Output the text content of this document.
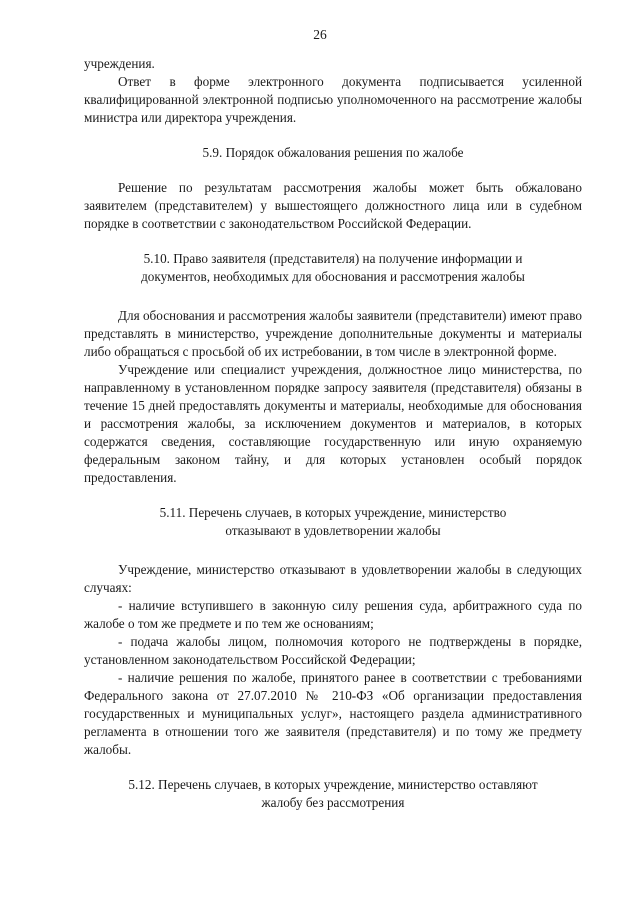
26

учреждения.

Ответ в форме электронного документа подписывается усиленной квалифицированной электронной подписью уполномоченного на рассмотрение жалобы министра или директора учреждения.

5.9. Порядок обжалования решения по жалобе

Решение по результатам рассмотрения жалобы может быть обжаловано заявителем (представителем) у вышестоящего должностного лица или в судебном порядке в соответствии с законодательством Российской Федерации.

5.10. Право заявителя (представителя) на получение информации и

документов, необходимых для обоснования и рассмотрения жалобы

Для обоснования и рассмотрения жалобы заявители (представители) имеют право представлять в министерство, учреждение дополнительные документы и материалы либо обращаться с просьбой об их истребовании, в том числе в электронной форме.

Учреждение или специалист учреждения, должностное лицо министерства, по направленному в установленном порядке запросу заявителя (представителя) обязаны в течение 15 дней предоставлять документы и материалы, необходимые для обоснования и рассмотрения жалобы, за исключением документов и материалов, в которых содержатся сведения, составляющие государственную или иную охраняемую федеральным законом тайну, и для которых установлен особый порядок предоставления.

5.11. Перечень случаев, в которых учреждение, министерство

отказывают в удовлетворении жалобы

Учреждение, министерство отказывают в удовлетворении жалобы в следующих случаях:

- наличие вступившего в законную силу решения суда, арбитражного суда по жалобе о том же предмете и по тем же основаниям;

- подача жалобы лицом, полномочия которого не подтверждены в порядке, установленном законодательством Российской Федерации;

- наличие решения по жалобе, принятого ранее в соответствии с требованиями Федерального закона от 27.07.2010 № 210-ФЗ «Об организации предоставления государственных и муниципальных услуг», настоящего раздела административного регламента в отношении того же заявителя (представителя) и по тому же предмету жалобы.

5.12. Перечень случаев, в которых учреждение, министерство оставляют

жалобу без рассмотрения
